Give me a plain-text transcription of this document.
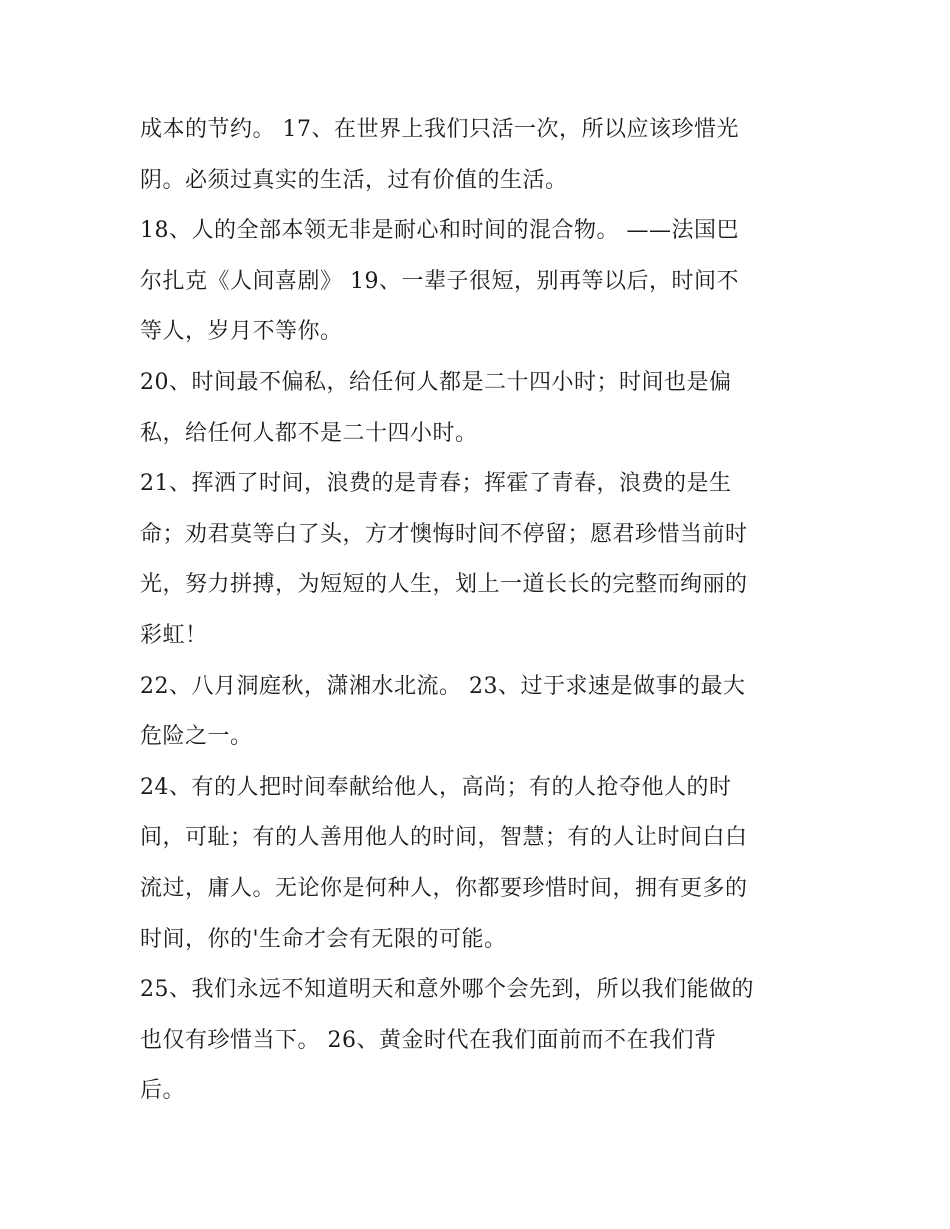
成本的节约。 17、在世界上我们只活一次，所以应该珍惜光
阴。必须过真实的生活，过有价值的生活。
18、人的全部本领无非是耐心和时间的混合物。 ——法国巴
尔扎克《人间喜剧》 19、一辈子很短，别再等以后，时间不
等人，岁月不等你。
20、时间最不偏私，给任何人都是二十四小时；时间也是偏
私，给任何人都不是二十四小时。
21、挥洒了时间，浪费的是青春；挥霍了青春，浪费的是生
命；劝君莫等白了头，方才懊悔时间不停留；愿君珍惜当前时
光，努力拼搏，为短短的人生，划上一道长长的完整而绚丽的
彩虹！
22、八月洞庭秋，潇湘水北流。 23、过于求速是做事的最大
危险之一。
24、有的人把时间奉献给他人，高尚；有的人抢夺他人的时
间，可耻；有的人善用他人的时间，智慧；有的人让时间白白
流过，庸人。无论你是何种人，你都要珍惜时间，拥有更多的
时间，你的'生命才会有无限的可能。
25、我们永远不知道明天和意外哪个会先到，所以我们能做的
也仅有珍惜当下。 26、黄金时代在我们面前而不在我们背
后。
